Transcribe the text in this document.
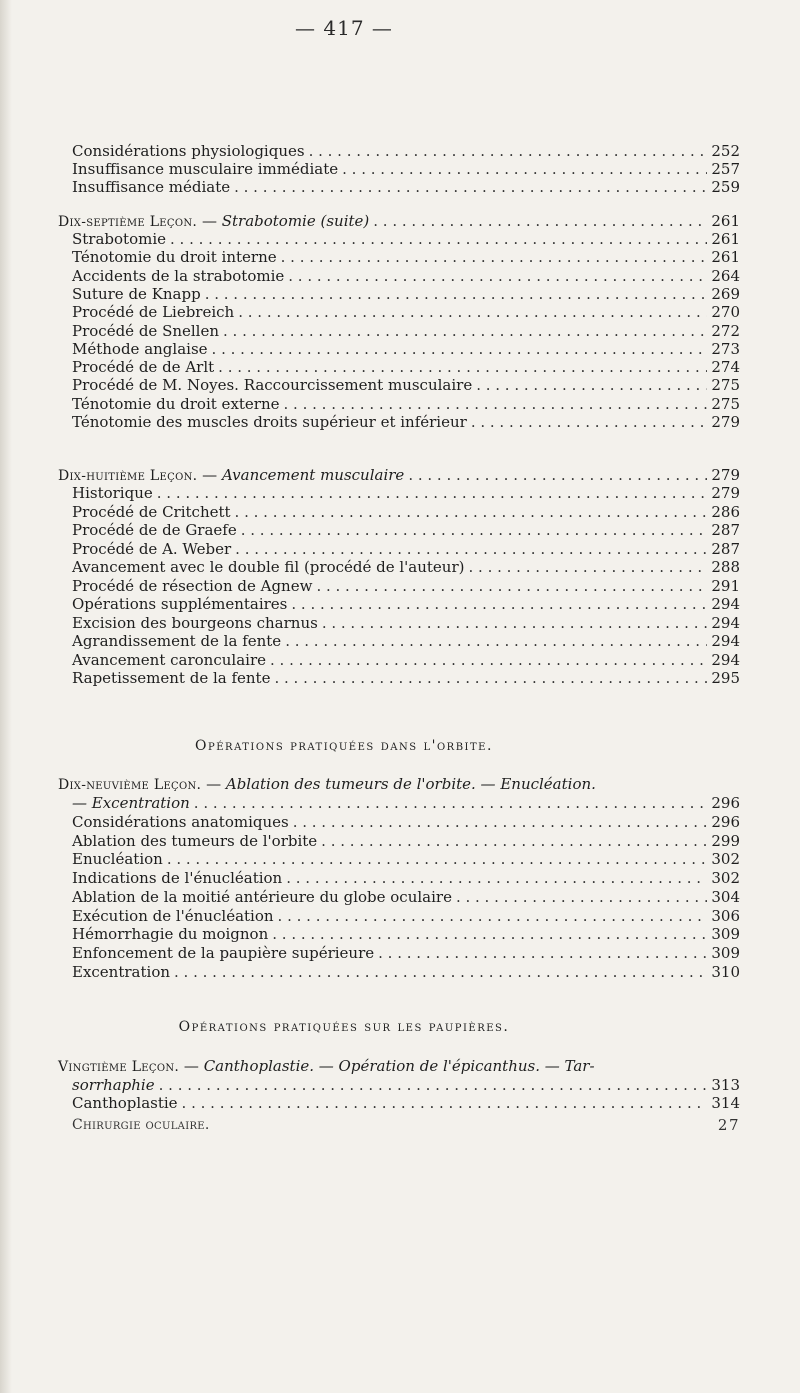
— 417 —
Considérations physiologiques . . .	252
Insuffisance musculaire immédiate . . .	257
Insuffisance médiate . . .	259
Dix-septième Leçon. — Strabotomie (suite) . . .	261
Strabotomie . . .	261
Ténotomie du droit interne . . .	261
Accidents de la strabotomie . . .	264
Suture de Knapp . . .	269
Procédé de Liebreich . . .	270
Procédé de Snellen . . .	272
Méthode anglaise . . .	273
Procédé de de Arlt . . .	274
Procédé de M. Noyes. Raccourcissement musculaire . . .	275
Ténotomie du droit externe . . .	275
Ténotomie des muscles droits supérieur et inférieur . . .	279
Dix-huitième Leçon. — Avancement musculaire . . .	279
Historique . . .	279
Procédé de Critchett . . .	286
Procédé de de Graefe . . .	287
Procédé de A. Weber . . .	287
Avancement avec le double fil (procédé de l'auteur) . . .	288
Procédé de résection de Agnew . . .	291
Opérations supplémentaires . . .	294
Excision des bourgeons charnus . . .	294
Agrandissement de la fente . . .	294
Avancement caronculaire . . .	294
Rapetissement de la fente . . .	295
Opérations pratiquées dans l'orbite.
Dix-neuvième Leçon. — Ablation des tumeurs de l'orbite. — Enucléation.
— Excentration . . .	296
Considérations anatomiques . . .	296
Ablation des tumeurs de l'orbite . . .	299
Enucléation . . .	302
Indications de l'énucléation . . .	302
Ablation de la moitié antérieure du globe oculaire . . .	304
Exécution de l'énucléation . . .	306
Hémorrhagie du moignon . . .	309
Enfoncement de la paupière supérieure . . .	309
Excentration . . .	310
Opérations pratiquées sur les paupières.
Vingtième Leçon. — Canthoplastie. — Opération de l'épicanthus. — Tar-
sorrhaphie . . .	313
Canthoplastie . . .	314
Chirurgie oculaire.	27
